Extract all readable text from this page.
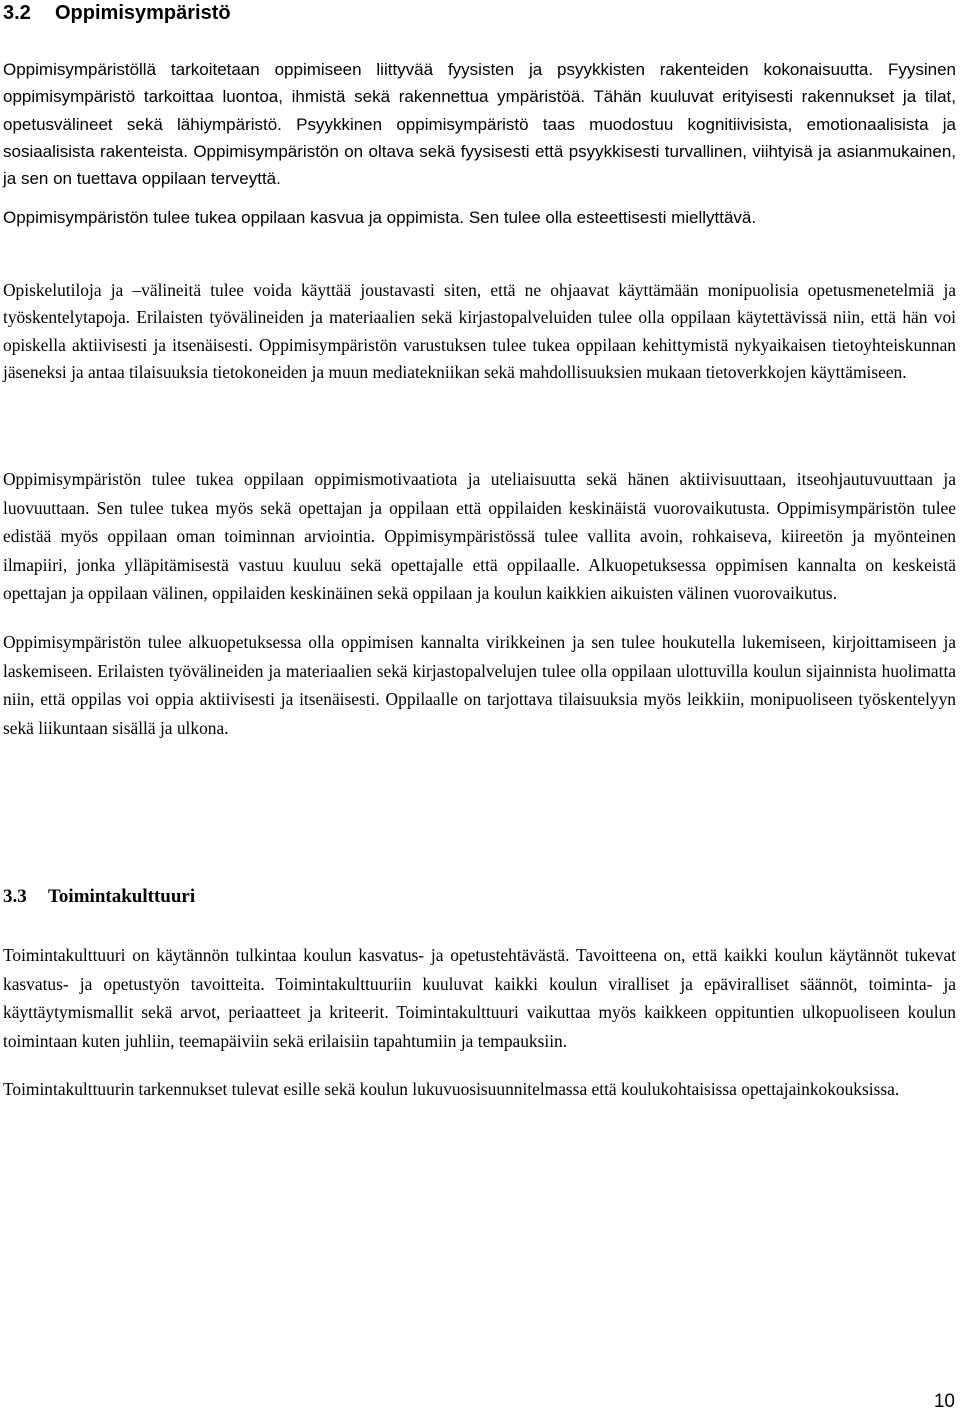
3.2 Oppimisympäristö

Oppimisympäristöllä tarkoitetaan oppimiseen liittyvää fyysisten ja psyykkisten rakenteiden kokonaisuutta. Fyysinen oppimisympäristö tarkoittaa luontoa, ihmistä sekä rakennettua ympäristöä. Tähän kuuluvat erityisesti rakennukset ja tilat, opetusvälineet sekä lähiympäristö. Psyykkinen oppimisympäristö taas muodostuu kognitiivisista, emotionaalisista ja sosiaalisista rakenteista. Oppimisympäristön on oltava sekä fyysisesti että psyykkisesti turvallinen, viihtyisä ja asianmukainen, ja sen on tuettava oppilaan terveyttä.

Oppimisympäristön tulee tukea oppilaan kasvua ja oppimista. Sen tulee olla esteettisesti miellyttävä.

Opiskelutiloja ja –välineitä tulee voida käyttää joustavasti siten, että ne ohjaavat käyttämään monipuolisia opetusmenetelmiä ja työskentelytapoja. Erilaisten työvälineiden ja materiaalien sekä kirjastopalveluiden tulee olla oppilaan käytettävissä niin, että hän voi opiskella aktiivisesti ja itsenäisesti. Oppimisympäristön varustuksen tulee tukea oppilaan kehittymistä nykyaikaisen tietoyhteiskunnan jäseneksi ja antaa tilaisuuksia tietokoneiden ja muun mediatekniikan sekä mahdollisuuksien mukaan tietoverkkojen käyttämiseen.

Oppimisympäristön tulee tukea oppilaan oppimismotivaatiota ja uteliaisuutta sekä hänen aktiivisuuttaan, itseohjautuvuuttaan ja luovuuttaan. Sen tulee tukea myös sekä opettajan ja oppilaan että oppilaiden keskinäistä vuorovaikutusta. Oppimisympäristön tulee edistää myös oppilaan oman toiminnan arviointia. Oppimisympäristössä tulee vallita avoin, rohkaiseva, kiireetön ja myönteinen ilmapiiri, jonka ylläpitämisestä vastuu kuuluu sekä opettajalle että oppilaalle. Alkuopetuksessa oppimisen kannalta on keskeistä opettajan ja oppilaan välinen, oppilaiden keskinäinen sekä oppilaan ja koulun kaikkien aikuisten välinen vuorovaikutus.

Oppimisympäristön tulee alkuopetuksessa olla oppimisen kannalta virikkeinen ja sen tulee houkutella lukemiseen, kirjoittamiseen ja laskemiseen. Erilaisten työvälineiden ja materiaalien sekä kirjastopalvelujen tulee olla oppilaan ulottuvilla koulun sijainnista huolimatta niin, että oppilas voi oppia aktiivisesti ja itsenäisesti. Oppilaalle on tarjottava tilaisuuksia myös leikkiin, monipuoliseen työskentelyyn sekä liikuntaan sisällä ja ulkona.

3.3 Toimintakulttuuri

Toimintakulttuuri on käytännön tulkintaa koulun kasvatus- ja opetustehtävästä. Tavoitteena on, että kaikki koulun käytännöt tukevat kasvatus- ja opetustyön tavoitteita. Toimintakulttuuriin kuuluvat kaikki koulun viralliset ja epäviralliset säännöt, toiminta- ja käyttäytymismallit sekä arvot, periaatteet ja kriteerit. Toimintakulttuuri vaikuttaa myös kaikkeen oppituntien ulkopuoliseen koulun toimintaan kuten juhliin, teemapäiviin sekä erilaisiin tapahtumiin ja tempauksiin.

Toimintakulttuurin tarkennukset tulevat esille sekä koulun lukuvuosisuunnitelmassa että koulukohtaisissa opettajainkokouksissa.

10
